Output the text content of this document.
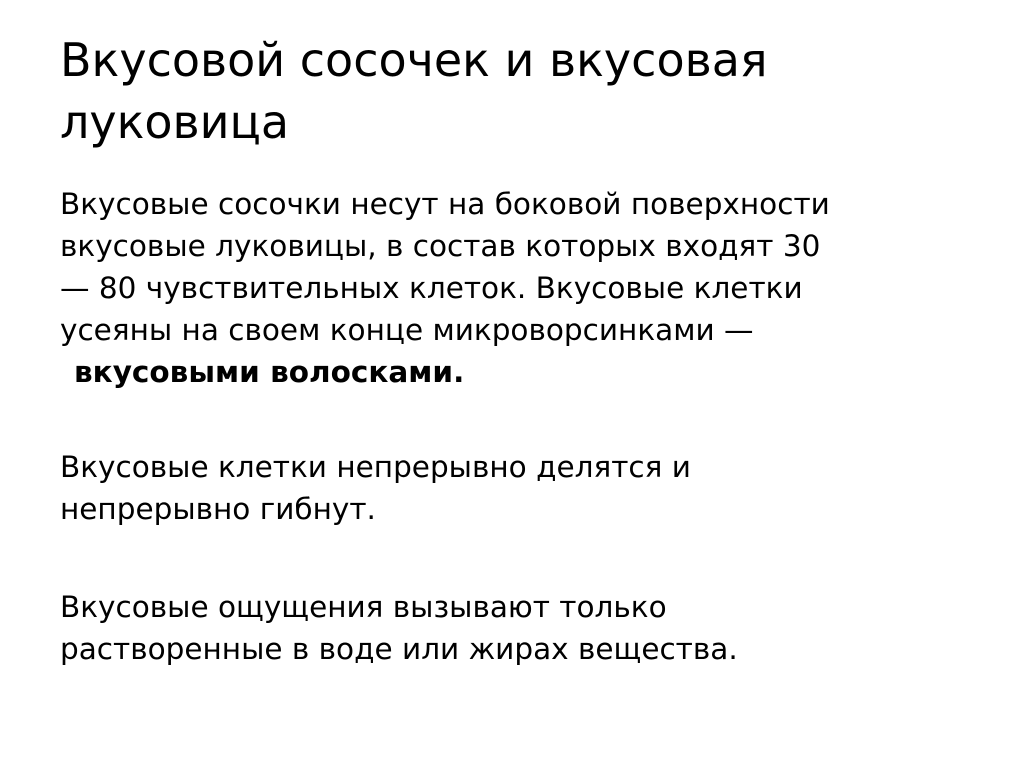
Вкусовой сосочек и вкусовая
луковица

Вкусовые сосочки несут на боковой поверхности
вкусовые луковицы, в состав которых входят 30
— 80 чувствительных клеток. Вкусовые клетки
усеяны на своем конце микроворсинками —
вкусовыми волосками.

Вкусовые клетки непрерывно делятся и
непрерывно гибнут.

Вкусовые ощущения вызывают только
растворенные в воде или жирах вещества.
